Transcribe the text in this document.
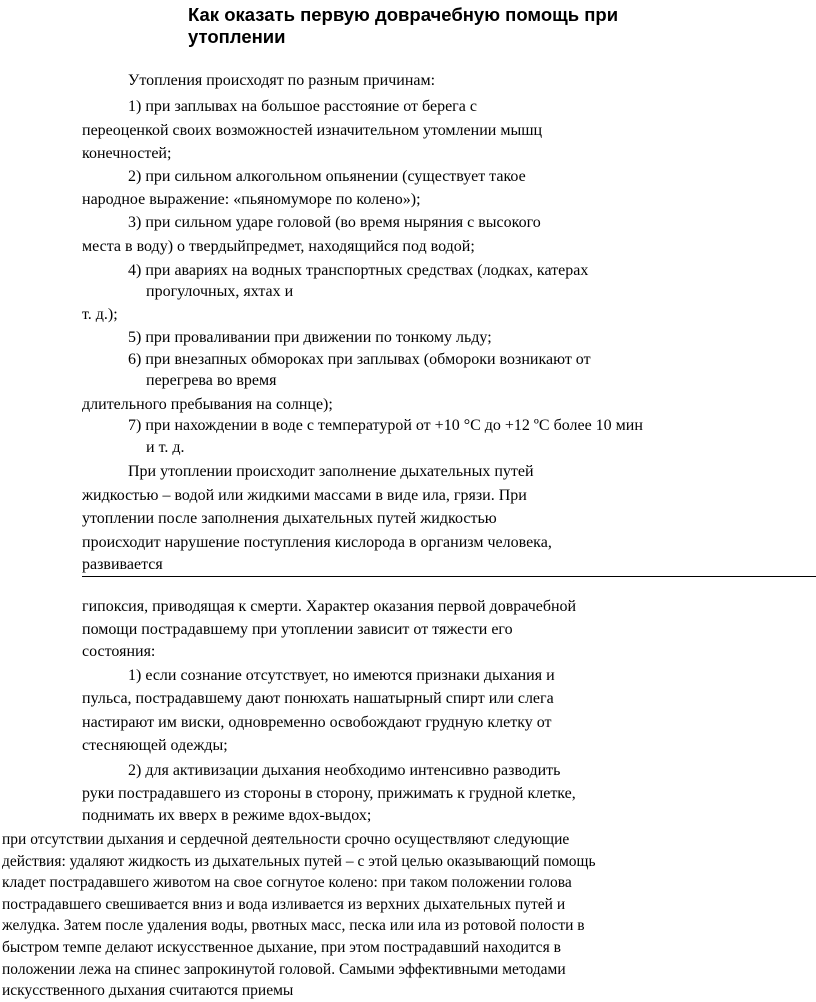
Как оказать первую доврачебную помощь при
утоплении

Утопления происходят по разным причинам:

1) при заплывах на большое расстояние от берега с

переоценкой своих возможностей изначительном утомлении мышц

конечностей;

2) при сильном алкогольном опьянении (существует такое

народное выражение: «пьяномуморе по колено»);

3) при сильном ударе головой (во время ныряния с высокого

места в воду) о твердыйпредмет, находящийся под водой;

4) при авариях на водных транспортных средствах (лодках, катерах

прогулочных, яхтах и

т. д.);

5) при проваливании при движении по тонкому льду;

6) при внезапных обмороках при заплывах (обмороки возникают от

перегрева во время

длительного пребывания на солнце);

7) при нахождении в воде с температурой от +10 °С до +12 ºС более 10 мин

и т. д.

При утоплении происходит заполнение дыхательных путей

жидкостью – водой или жидкими массами в виде ила, грязи. При

утоплении после заполнения дыхательных путей жидкостью

происходит нарушение поступления кислорода в организм человека,

развивается

гипоксия, приводящая к смерти. Характер оказания первой доврачебной

помощи пострадавшему при утоплении зависит от тяжести его

состояния:

1) если сознание отсутствует, но имеются признаки дыхания и

пульса, пострадавшему дают понюхать нашатырный спирт или слега

настирают им виски, одновременно освобождают грудную клетку от

стесняющей одежды;

2) для активизации дыхания необходимо интенсивно разводить

руки пострадавшего из стороны в сторону, прижимать к грудной клетке,

поднимать их вверх в режиме вдох-выдох;

при отсутствии дыхания и сердечной деятельности срочно осуществляют следующие
действия: удаляют жидкость из дыхательных путей – с этой целью оказывающий помощь
кладет пострадавшего животом на свое согнутое колено: при таком положении голова
пострадавшего свешивается вниз и вода изливается из верхних дыхательных путей и
желудка. Затем после удаления воды, рвотных масс, песка или ила из ротовой полости в
быстром темпе делают искусственное дыхание, при этом пострадавший находится в
положении лежа на спинес запрокинутой головой. Самыми эффективными методами
искусственного дыхания считаются приемы
